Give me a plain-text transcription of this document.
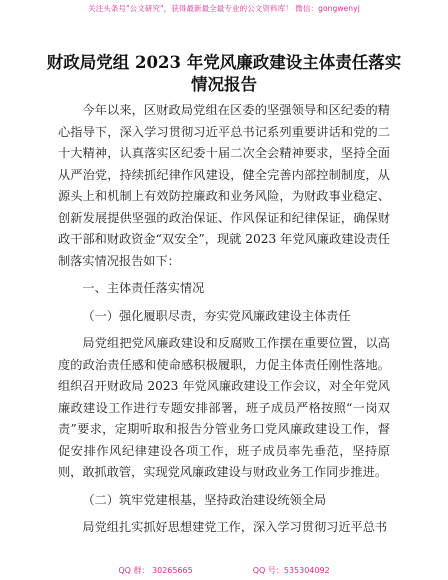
关注头条号"公文研究"，获得最新最全最专业的公文资料库！ 微信：gongwenyj
财政局党组 2023 年党风廉政建设主体责任落实
情况报告

今年以来，区财政局党组在区委的坚强领导和区纪委的精心指导下，深入学习贯彻习近平总书记系列重要讲话和党的二十大精神，认真落实区纪委十届二次全会精神要求，坚持全面从严治党，持续抓纪律作风建设，健全完善内部控制制度，从源头上和机制上有效防控廉政和业务风险，为财政事业稳定、创新发展提供坚强的政治保证、作风保证和纪律保证，确保财政干部和财政资金“双安全”，现就 2023 年党风廉政建设责任制落实情况报告如下：

一、主体责任落实情况

（一）强化履职尽责，夯实党风廉政建设主体责任

局党组把党风廉政建设和反腐败工作摆在重要位置，以高度的政治责任感和使命感积极履职，力促主体责任刚性落地。组织召开财政局 2023 年党风廉政建设工作会议，对全年党风廉政建设工作进行专题安排部署，班子成员严格按照“一岗双责”要求，定期听取和报告分管业务口党风廉政建设工作，督促安排作风纪律建设各项工作，班子成员率先垂范，坚持原则，敢抓敢管，实现党风廉政建设与财政业务工作同步推进。

（二）筑牢党建根基，坚持政治建设统领全局

局党组扎实抓好思想建党工作，深入学习贯彻习近平总书

QQ 群： 30265665	QQ 号：535304092
